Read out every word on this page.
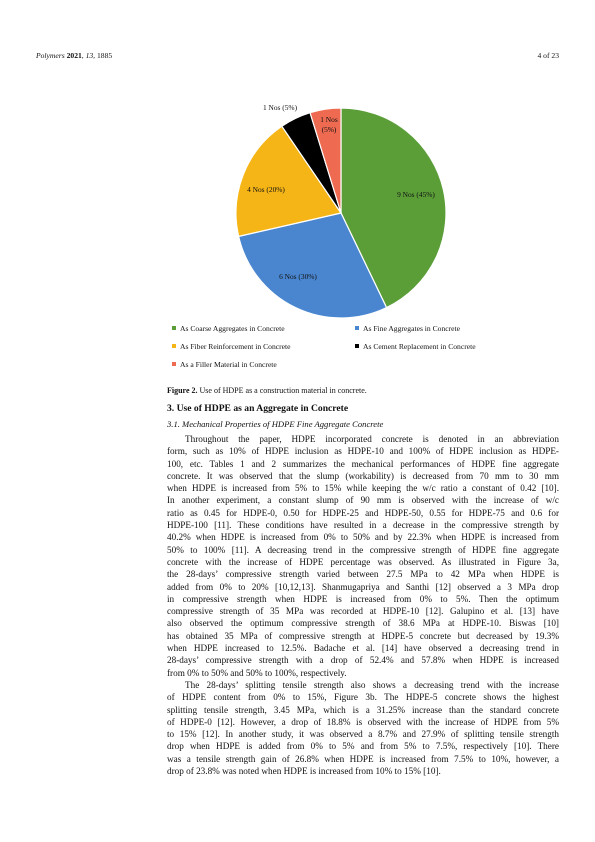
Polymers 2021, 13, 1885	4 of 23
9 Nos (45%)
6 Nos (30%)
4 Nos (20%)
1 Nos (5%)
1 Nos
(5%)
As Coarse Aggregates in Concrete	As Fine Aggregates in Concrete
As Fiber Reinforcement in Concrete	As Cement Replacement in Concrete
As a Filler Material in Concrete
Figure 2. Use of HDPE as a construction material in concrete.
3. Use of HDPE as an Aggregate in Concrete
3.1. Mechanical Properties of HDPE Fine Aggregate Concrete
Throughout the paper, HDPE incorporated concrete is denoted in an abbreviation
form, such as 10% of HDPE inclusion as HDPE-10 and 100% of HDPE inclusion as HDPE-
100, etc. Tables 1 and 2 summarizes the mechanical performances of HDPE fine aggregate
concrete. It was observed that the slump (workability) is decreased from 70 mm to 30 mm
when HDPE is increased from 5% to 15% while keeping the w/c ratio a constant of 0.42 [10].
In another experiment, a constant slump of 90 mm is observed with the increase of w/c
ratio as 0.45 for HDPE-0, 0.50 for HDPE-25 and HDPE-50, 0.55 for HDPE-75 and 0.6 for
HDPE-100 [11]. These conditions have resulted in a decrease in the compressive strength by
40.2% when HDPE is increased from 0% to 50% and by 22.3% when HDPE is increased from
50% to 100% [11]. A decreasing trend in the compressive strength of HDPE fine aggregate
concrete with the increase of HDPE percentage was observed. As illustrated in Figure 3a,
the 28-days’ compressive strength varied between 27.5 MPa to 42 MPa when HDPE is
added from 0% to 20% [10,12,13]. Shanmugapriya and Santhi [12] observed a 3 MPa drop
in compressive strength when HDPE is increased from 0% to 5%. Then the optimum
compressive strength of 35 MPa was recorded at HDPE-10 [12]. Galupino et al. [13] have
also observed the optimum compressive strength of 38.6 MPa at HDPE-10. Biswas [10]
has obtained 35 MPa of compressive strength at HDPE-5 concrete but decreased by 19.3%
when HDPE increased to 12.5%. Badache et al. [14] have observed a decreasing trend in
28-days’ compressive strength with a drop of 52.4% and 57.8% when HDPE is increased
from 0% to 50% and 50% to 100%, respectively.
The 28-days’ splitting tensile strength also shows a decreasing trend with the increase
of HDPE content from 0% to 15%, Figure 3b. The HDPE-5 concrete shows the highest
splitting tensile strength, 3.45 MPa, which is a 31.25% increase than the standard concrete
of HDPE-0 [12]. However, a drop of 18.8% is observed with the increase of HDPE from 5%
to 15% [12]. In another study, it was observed a 8.7% and 27.9% of splitting tensile strength
drop when HDPE is added from 0% to 5% and from 5% to 7.5%, respectively [10]. There
was a tensile strength gain of 26.8% when HDPE is increased from 7.5% to 10%, however, a
drop of 23.8% was noted when HDPE is increased from 10% to 15% [10].
